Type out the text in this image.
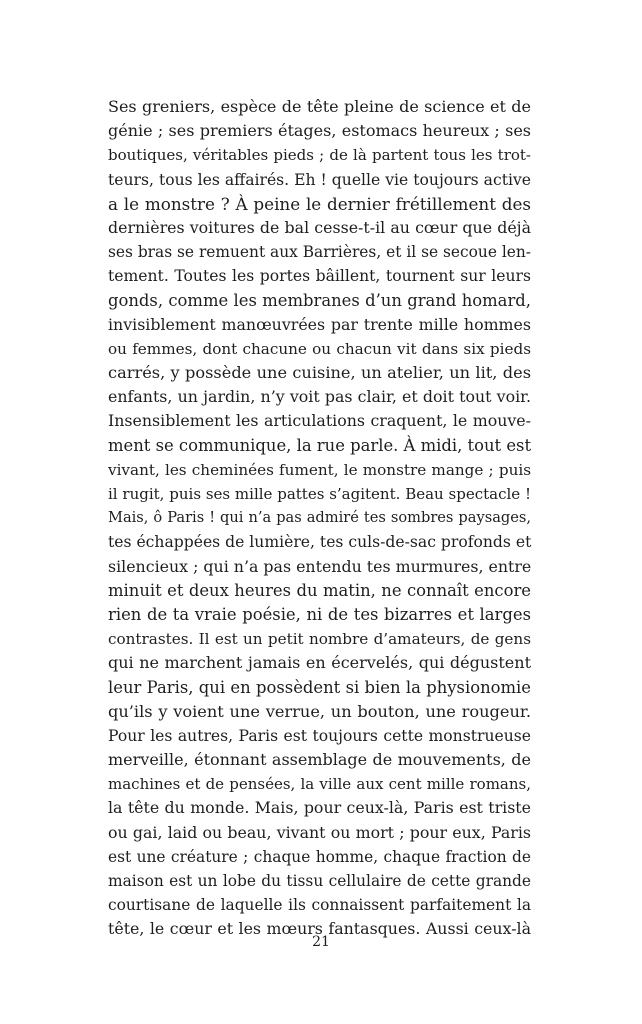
Ses greniers, espèce de tête pleine de science et de
génie ; ses premiers étages, estomacs heureux ; ses
boutiques, véritables pieds ; de là partent tous les trot-
teurs, tous les affairés. Eh ! quelle vie toujours active
a le monstre ? À peine le dernier frétillement des
dernières voitures de bal cesse-t-il au cœur que déjà
ses bras se remuent aux Barrières, et il se secoue len-
tement. Toutes les portes bâillent, tournent sur leurs
gonds, comme les membranes d’un grand homard,
invisiblement manœuvrées par trente mille hommes
ou femmes, dont chacune ou chacun vit dans six pieds
carrés, y possède une cuisine, un atelier, un lit, des
enfants, un jardin, n’y voit pas clair, et doit tout voir.
Insensiblement les articulations craquent, le mouve-
ment se communique, la rue parle. À midi, tout est
vivant, les cheminées fument, le monstre mange ; puis
il rugit, puis ses mille pattes s’agitent. Beau spectacle !
Mais, ô Paris ! qui n’a pas admiré tes sombres paysages,
tes échappées de lumière, tes culs-de-sac profonds et
silencieux ; qui n’a pas entendu tes murmures, entre
minuit et deux heures du matin, ne connaît encore
rien de ta vraie poésie, ni de tes bizarres et larges
contrastes. Il est un petit nombre d’amateurs, de gens
qui ne marchent jamais en écervelés, qui dégustent
leur Paris, qui en possèdent si bien la physionomie
qu’ils y voient une verrue, un bouton, une rougeur.
Pour les autres, Paris est toujours cette monstrueuse
merveille, étonnant assemblage de mouvements, de
machines et de pensées, la ville aux cent mille romans,
la tête du monde. Mais, pour ceux-là, Paris est triste
ou gai, laid ou beau, vivant ou mort ; pour eux, Paris
est une créature ; chaque homme, chaque fraction de
maison est un lobe du tissu cellulaire de cette grande
courtisane de laquelle ils connaissent parfaitement la
tête, le cœur et les mœurs fantasques. Aussi ceux-là
21
